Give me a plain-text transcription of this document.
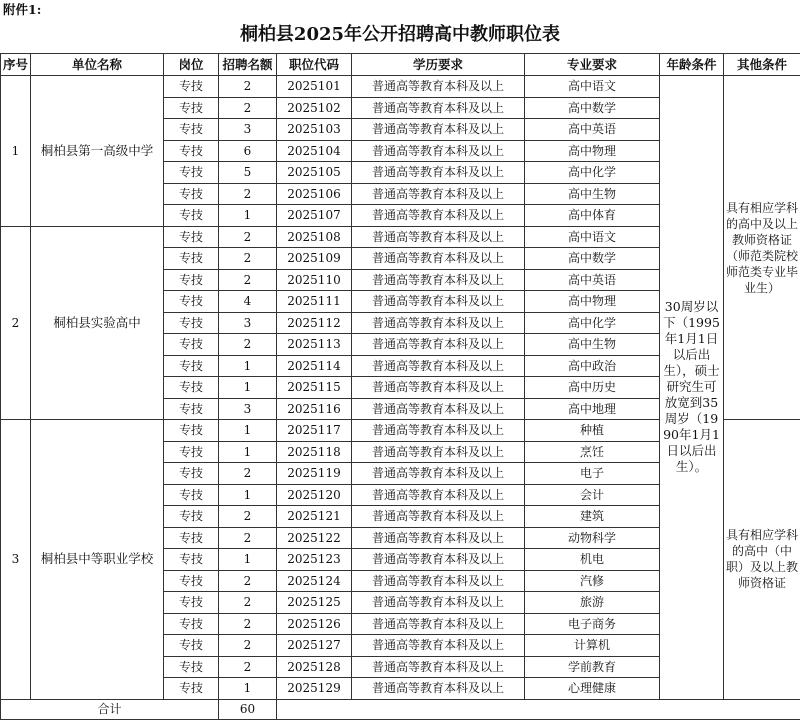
附件1:
桐柏县2025年公开招聘高中教师职位表
序号	单位名称	岗位	招聘名额	职位代码	学历要求	专业要求	年龄条件	其他条件
1	桐柏县第一高级中学	专技	2	2025101	普通高等教育本科及以上	高中语文	30周岁以下（1995年1月1日以后出生），硕士研究生可放宽到35周岁（1990年1月1日以后出生）。	具有相应学科的高中及以上教师资格证（师范类院校师范类专业毕业生）
		专技	2	2025102	普通高等教育本科及以上	高中数学		
		专技	3	2025103	普通高等教育本科及以上	高中英语		
		专技	6	2025104	普通高等教育本科及以上	高中物理		
		专技	5	2025105	普通高等教育本科及以上	高中化学		
		专技	2	2025106	普通高等教育本科及以上	高中生物		
		专技	1	2025107	普通高等教育本科及以上	高中体育		
2	桐柏县实验高中	专技	2	2025108	普通高等教育本科及以上	高中语文		
		专技	2	2025109	普通高等教育本科及以上	高中数学		
		专技	2	2025110	普通高等教育本科及以上	高中英语		
		专技	4	2025111	普通高等教育本科及以上	高中物理		
		专技	3	2025112	普通高等教育本科及以上	高中化学		
		专技	2	2025113	普通高等教育本科及以上	高中生物		
		专技	1	2025114	普通高等教育本科及以上	高中政治		
		专技	1	2025115	普通高等教育本科及以上	高中历史		
		专技	3	2025116	普通高等教育本科及以上	高中地理		
3	桐柏县中等职业学校	专技	1	2025117	普通高等教育本科及以上	种植		具有相应学科的高中（中职）及以上教师资格证
		专技	1	2025118	普通高等教育本科及以上	烹饪		
		专技	2	2025119	普通高等教育本科及以上	电子		
		专技	1	2025120	普通高等教育本科及以上	会计		
		专技	2	2025121	普通高等教育本科及以上	建筑		
		专技	2	2025122	普通高等教育本科及以上	动物科学		
		专技	1	2025123	普通高等教育本科及以上	机电		
		专技	2	2025124	普通高等教育本科及以上	汽修		
		专技	2	2025125	普通高等教育本科及以上	旅游		
		专技	2	2025126	普通高等教育本科及以上	电子商务		
		专技	2	2025127	普通高等教育本科及以上	计算机		
		专技	2	2025128	普通高等教育本科及以上	学前教育		
		专技	1	2025129	普通高等教育本科及以上	心理健康		
合计			60					
